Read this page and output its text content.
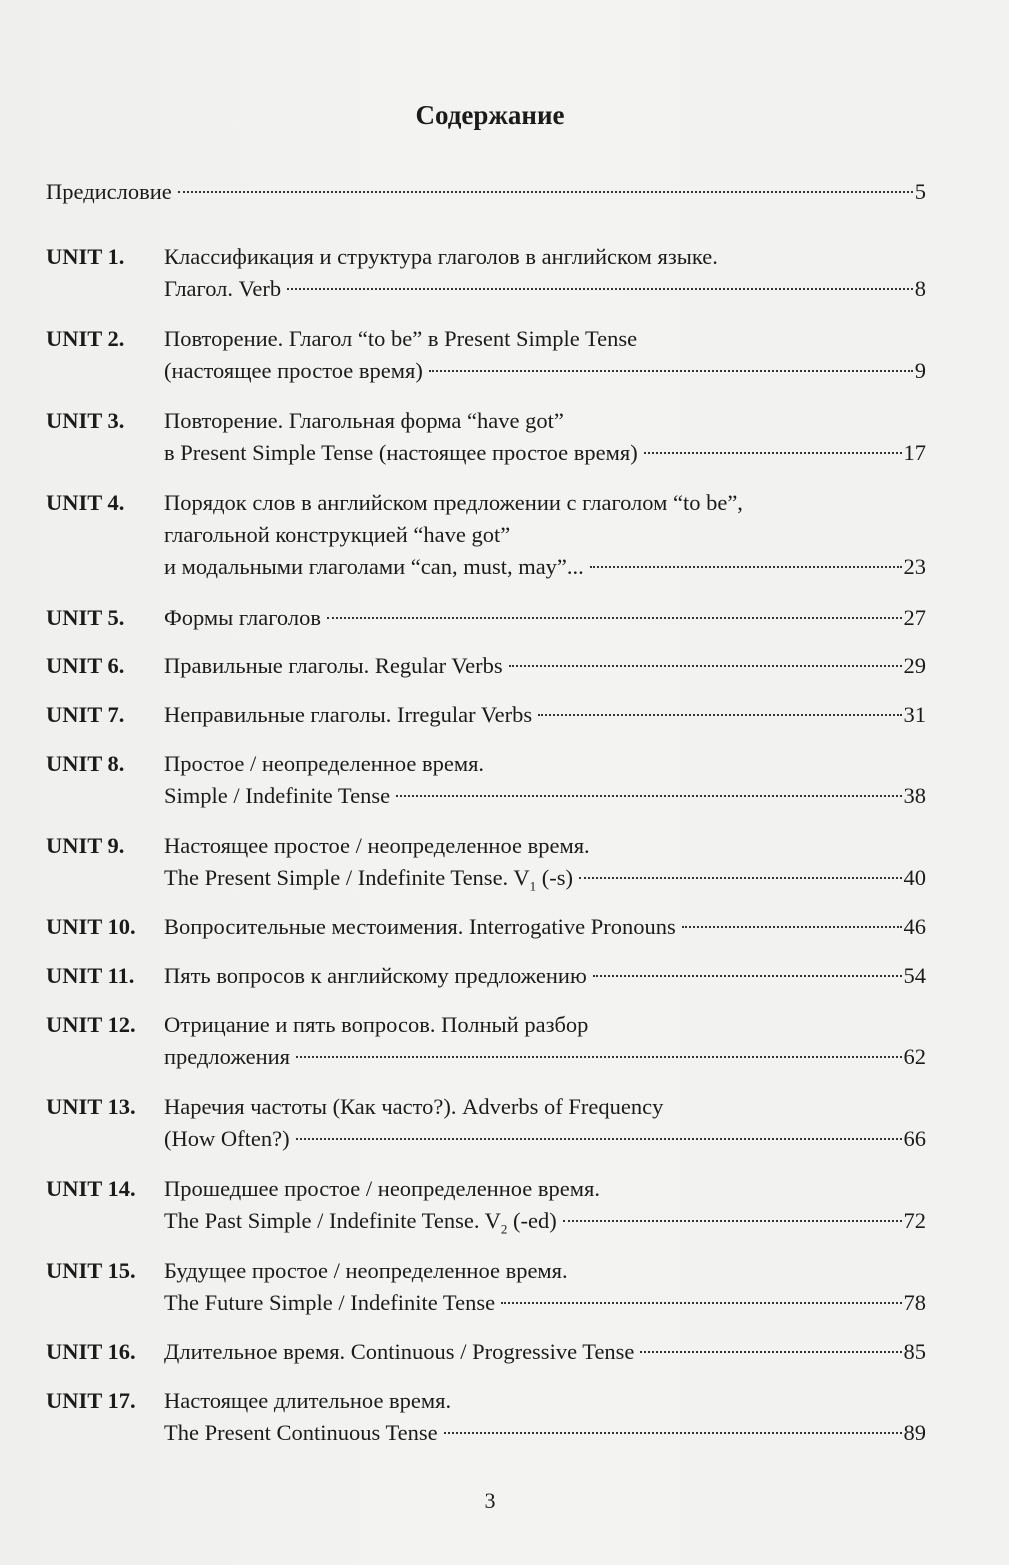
Содержание
Предисловие	5
UNIT 1.	Классификация и структура глаголов в английском языке.
Глагол. Verb	8
UNIT 2.	Повторение. Глагол “to be” в Present Simple Tense
(настоящее простое время)	9
UNIT 3.	Повторение. Глагольная форма “have got”
в Present Simple Tense (настоящее простое время)	17
UNIT 4.	Порядок слов в английском предложении с глаголом “to be”,
глагольной конструкцией “have got”
и модальными глаголами “can, must, may”...	23
UNIT 5.	Формы глаголов	27
UNIT 6.	Правильные глаголы. Regular Verbs	29
UNIT 7.	Неправильные глаголы. Irregular Verbs	31
UNIT 8.	Простое / неопределенное время.
Simple / Indefinite Tense	38
UNIT 9.	Настоящее простое / неопределенное время.
The Present Simple / Indefinite Tense. $V_1$ (-s)	40
UNIT 10.	Вопросительные местоимения. Interrogative Pronouns	46
UNIT 11.	Пять вопросов к английскому предложению	54
UNIT 12.	Отрицание и пять вопросов. Полный разбор
предложения	62
UNIT 13.	Наречия частоты (Как часто?). Adverbs of Frequency
(How Often?)	66
UNIT 14.	Прошедшее простое / неопределенное время.
The Past Simple / Indefinite Tense. $V_2$ (-ed)	72
UNIT 15.	Будущее простое / неопределенное время.
The Future Simple / Indefinite Tense	78
UNIT 16.	Длительное время. Continuous / Progressive Tense	85
UNIT 17.	Настоящее длительное время.
The Present Continuous Tense	89
3
